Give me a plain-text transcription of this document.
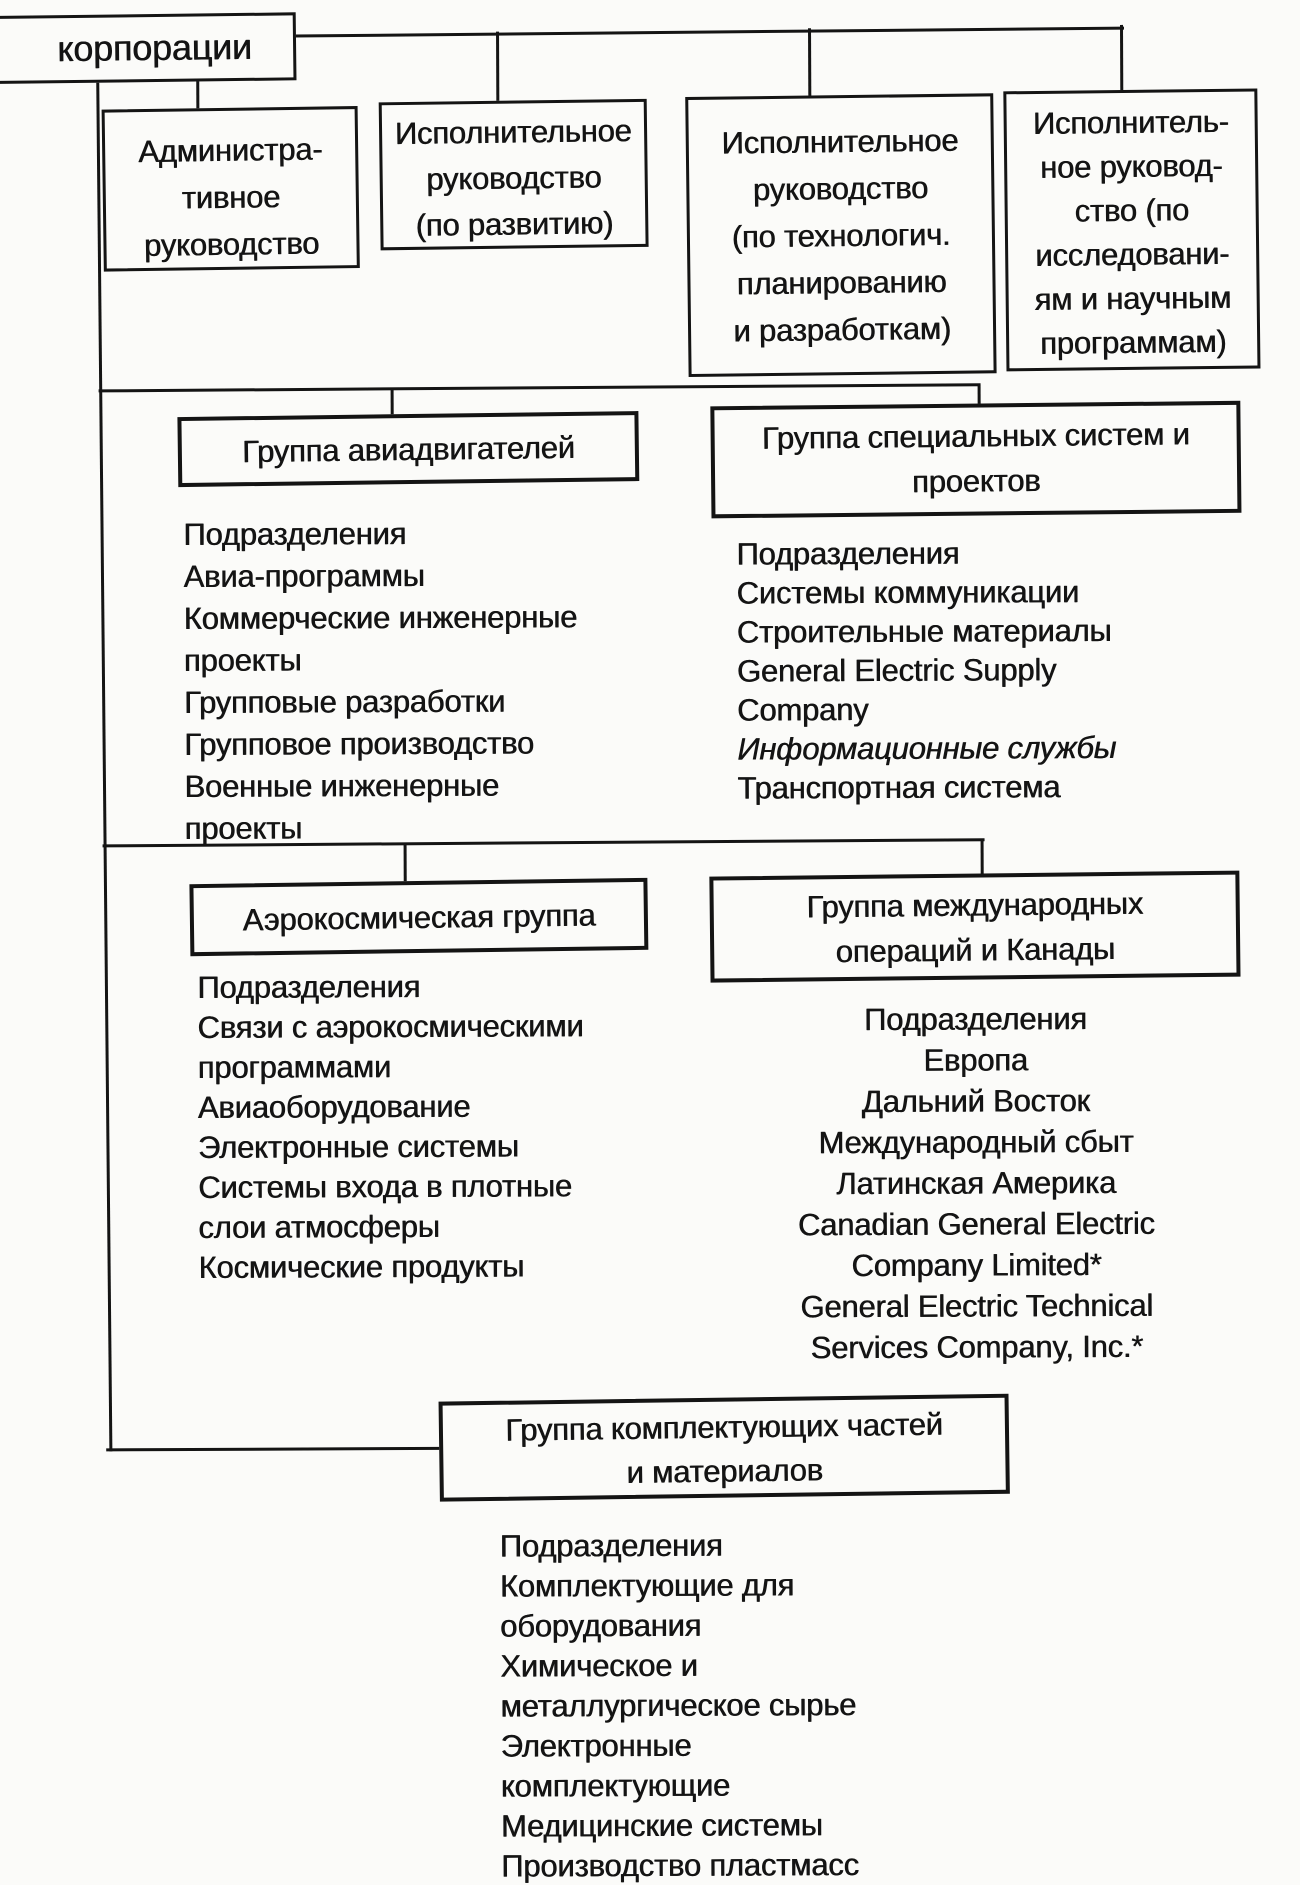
корпорации
Администра-
тивное
руководство
Исполнительное
руководство
(по развитию)
Исполнительное
руководство
(по технологич.
планированию
и разработкам)
Исполнитель-
ное руковод-
ство (по
исследовани-
ям и научным
программам)
Группа авиадвигателей
Подразделения
Авиа-программы
Коммерческие инженерные
проекты
Групповые разработки
Групповое производство
Военные инженерные
проекты
Группа специальных систем и
проектов
Подразделения
Системы коммуникации
Строительные материалы
General Electric Supply
Company
Информационные службы
Транспортная система
Аэрокосмическая группа
Подразделения
Связи с аэрокосмическими
программами
Авиаоборудование
Электронные системы
Системы входа в плотные
слои атмосферы
Космические продукты
Группа международных
операций и Канады
Подразделения
Европа
Дальний Восток
Международный сбыт
Латинская Америка
Canadian General Electric
Company Limited*
General Electric Technical
Services Company, Inc.*
Группа комплектующих частей
и материалов
Подразделения
Комплектующие для
оборудования
Химическое и
металлургическое сырье
Электронные
комплектующие
Медицинские системы
Производство пластмасс
